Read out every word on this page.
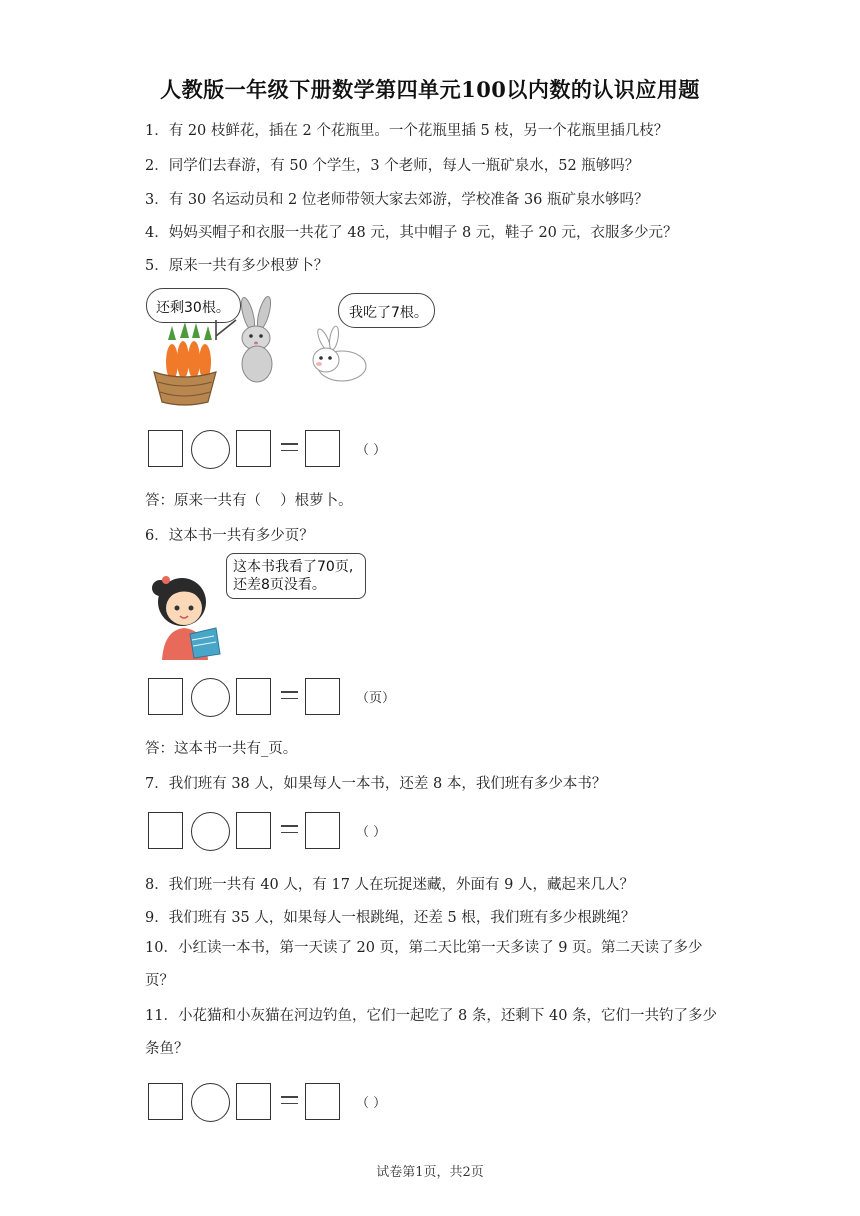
人教版一年级下册数学第四单元100以内数的认识应用题
1．有 20 枝鲜花，插在 2 个花瓶里。一个花瓶里插 5 枝，另一个花瓶里插几枝？
2．同学们去春游，有 50 个学生，3 个老师，每人一瓶矿泉水，52 瓶够吗？
3．有 30 名运动员和 2 位老师带领大家去郊游，学校准备 36 瓶矿泉水够吗？
4．妈妈买帽子和衣服一共花了 48 元，其中帽子 8 元，鞋子 20 元，衣服多少元？
5．原来一共有多少根萝卜？
还剩30根。	我吃了7根。
（ ）
答：原来一共有（　 ）根萝卜。
6．这本书一共有多少页？
这本书我看了70页,
还差8页没看。
（页）
答：这本书一共有_页。
7．我们班有 38 人，如果每人一本书，还差 8 本，我们班有多少本书？
（ ）
8．我们班一共有 40 人，有 17 人在玩捉迷藏，外面有 9 人，藏起来几人？
9．我们班有 35 人，如果每人一根跳绳，还差 5 根，我们班有多少根跳绳？
10．小红读一本书，第一天读了 20 页，第二天比第一天多读了 9 页。第二天读了多少页？
11．小花猫和小灰猫在河边钓鱼，它们一起吃了 8 条，还剩下 40 条，它们一共钓了多少条鱼？
（ ）
试卷第1页，共2页
